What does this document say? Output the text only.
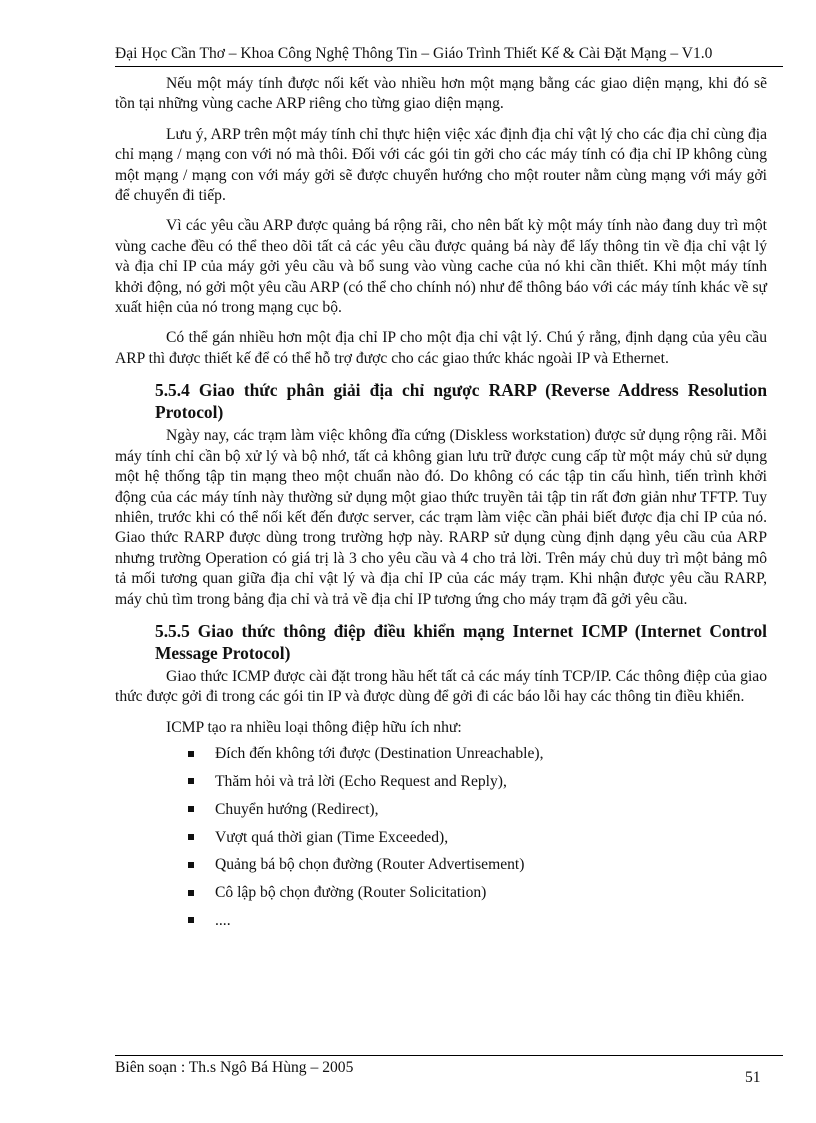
Đại Học Cần Thơ – Khoa Công Nghệ Thông Tin – Giáo Trình Thiết Kế & Cài Đặt Mạng – V1.0

Nếu một máy tính được nối kết vào nhiều hơn một mạng bằng các giao diện mạng, khi đó sẽ tồn tại những vùng cache ARP riêng cho từng giao diện mạng.

Lưu ý, ARP trên một máy tính chỉ thực hiện việc xác định địa chỉ vật lý cho các địa chỉ cùng địa chỉ mạng / mạng con với nó mà thôi. Đối với các gói tin gởi cho các máy tính có địa chỉ IP không cùng một mạng / mạng con với máy gởi sẽ được chuyển hướng cho một router nằm cùng mạng với máy gởi để chuyển đi tiếp.

Vì các yêu cầu ARP được quảng bá rộng rãi, cho nên bất kỳ một máy tính nào đang duy trì một vùng cache đều có thể theo dõi tất cả các yêu cầu được quảng bá này để lấy thông tin về địa chỉ vật lý và địa chỉ IP của máy gởi yêu cầu và bổ sung vào vùng cache của nó khi cần thiết. Khi một máy tính khởi động, nó gởi một yêu cầu ARP (có thể cho chính nó) như để thông báo với các máy tính khác về sự xuất hiện của nó trong mạng cục bộ.

Có thể gán nhiều hơn một địa chỉ IP cho một địa chỉ vật lý. Chú ý rằng, định dạng của yêu cầu ARP thì được thiết kế để có thể hỗ trợ được cho các giao thức khác ngoài IP và Ethernet.

5.5.4 Giao thức phân giải địa chỉ ngược RARP (Reverse Address Resolution Protocol)

Ngày nay, các trạm làm việc không đĩa cứng (Diskless workstation) được sử dụng rộng rãi. Mỗi máy tính chỉ cần bộ xử lý và bộ nhớ, tất cả không gian lưu trữ được cung cấp từ một máy chủ sử dụng một hệ thống tập tin mạng theo một chuẩn nào đó. Do không có các tập tin cấu hình, tiến trình khởi động của các máy tính này thường sử dụng một giao thức truyền tải tập tin rất đơn giản như TFTP. Tuy nhiên, trước khi có thể nối kết đến được server, các trạm làm việc cần phải biết được địa chỉ IP của nó. Giao thức RARP được dùng trong trường hợp này. RARP sử dụng cùng định dạng yêu cầu của ARP nhưng trường Operation có giá trị là 3 cho yêu cầu và 4 cho trả lời. Trên máy chủ duy trì một bảng mô tả mối tương quan giữa địa chỉ vật lý và địa chỉ IP của các máy trạm. Khi nhận được yêu cầu RARP, máy chủ tìm trong bảng địa chỉ và trả về địa chỉ IP tương ứng cho máy trạm đã gởi yêu cầu.

5.5.5 Giao thức thông điệp điều khiển mạng Internet ICMP (Internet Control Message Protocol)

Giao thức ICMP được cài đặt trong hầu hết tất cả các máy tính TCP/IP. Các thông điệp của giao thức được gởi đi trong các gói tin IP và được dùng để gởi đi các báo lỗi hay các thông tin điều khiển.

ICMP tạo ra nhiều loại thông điệp hữu ích như:

Đích đến không tới được (Destination Unreachable),
Thăm hỏi và trả lời (Echo Request and Reply),
Chuyển hướng (Redirect),
Vượt quá thời gian (Time Exceeded),
Quảng bá bộ chọn đường (Router Advertisement)
Cô lập bộ chọn đường (Router Solicitation)
....
Biên soạn : Th.s Ngô Bá Hùng – 2005
51
